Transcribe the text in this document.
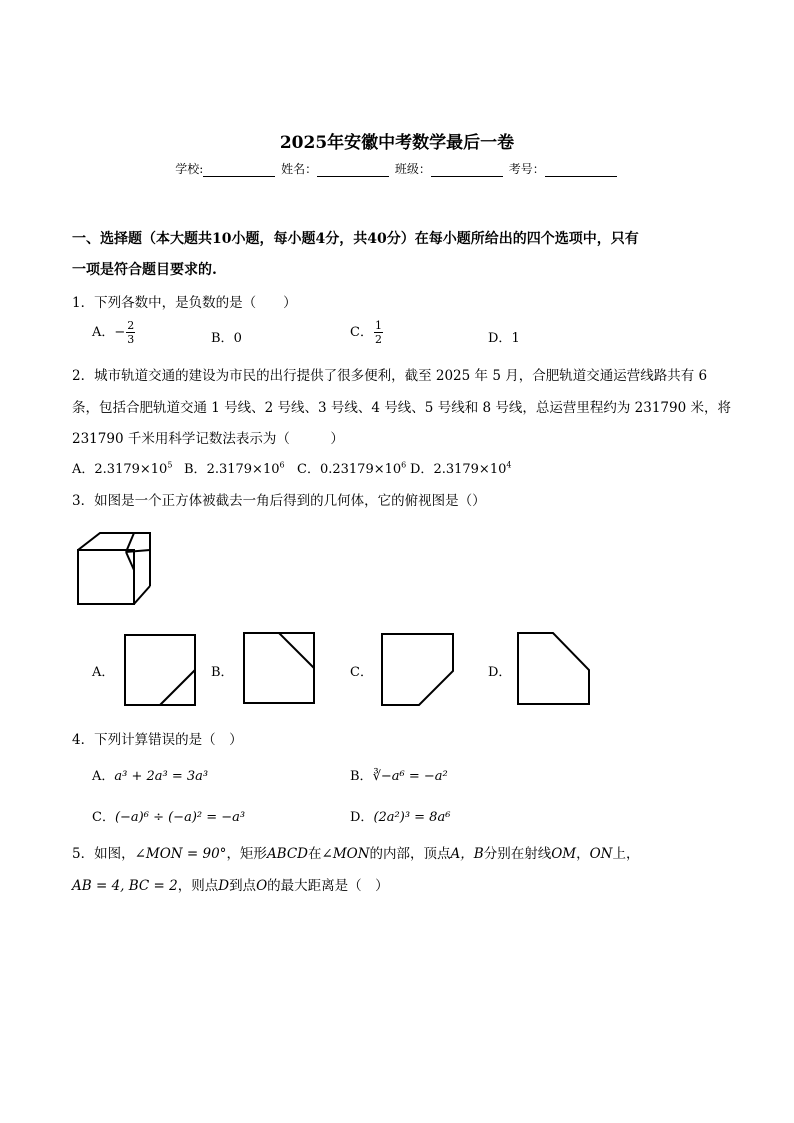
2025年安徽中考数学最后一卷
学校:	姓名：	班级：	考号：
一、选择题（本大题共10小题，每小题4分，共40分）在每小题所给出的四个选项中，只有
一项是符合题目要求的.
1．下列各数中，是负数的是（　　）
A．− $\frac{2}{3}$	B．0	C． $\frac{1}{2}$	D．1
2．城市轨道交通的建设为市民的出行提供了很多便利，截至 2025 年 5 月，合肥轨道交通运营线路共有 6
条，包括合肥轨道交通 1 号线、2 号线、3 号线、4 号线、5 号线和 8 号线，总运营里程约为 231790 米，将
231790 千米用科学记数法表示为（　　　）
A．$2.3179\times 10^5$ B．$2.3179\times 10^6$ C．$0.23179\times 10^6$ D．$2.3179\times 10^4$
3．如图是一个正方体被截去一角后得到的几何体，它的俯视图是（）
A．	B．	C．	D．
4．下列计算错误的是（　）
A．a³ + 2a³ = 3a³	B．∛−a⁶ = −a²
C．(−a)⁶ ÷ (−a)² = −a³	D．(2a²)³ = 8a⁶
5．如图，∠MON = 90°，矩形ABCD在∠MON的内部，顶点A，B分别在射线OM，ON上，
AB = 4, BC = 2，则点D到点O的最大距离是（　）
